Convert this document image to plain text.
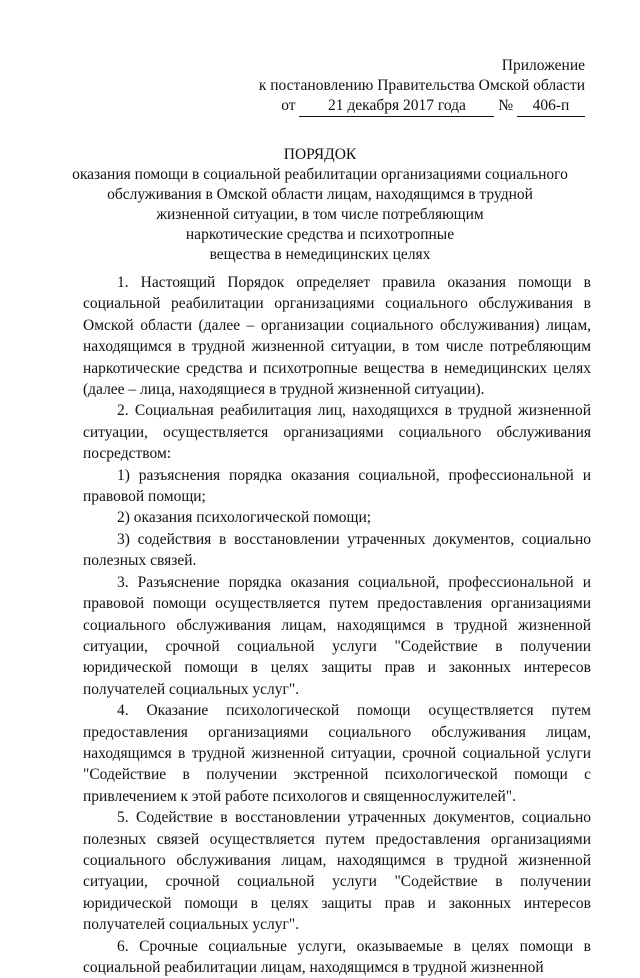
Приложение
к постановлению Правительства Омской области
от 21 декабря 2017 года № 406-п
ПОРЯДОК
оказания помощи в социальной реабилитации организациями социального
обслуживания в Омской области лицам, находящимся в трудной
жизненной ситуации, в том числе потребляющим
наркотические средства и психотропные
вещества в немедицинских целях

1. Настоящий Порядок определяет правила оказания помощи в социальной реабилитации организациями социального обслуживания в Омской области (далее – организации социального обслуживания) лицам, находящимся в трудной жизненной ситуации, в том числе потребляющим наркотические средства и психотропные вещества в немедицинских целях (далее – лица, находящиеся в трудной жизненной ситуации).

2. Социальная реабилитация лиц, находящихся в трудной жизненной ситуации, осуществляется организациями социального обслуживания посредством:

1) разъяснения порядка оказания социальной, профессиональной и правовой помощи;

2) оказания психологической помощи;

3) содействия в восстановлении утраченных документов, социально полезных связей.

3. Разъяснение порядка оказания социальной, профессиональной и правовой помощи осуществляется путем предоставления организациями социального обслуживания лицам, находящимся в трудной жизненной ситуации, срочной социальной услуги "Содействие в получении юридической помощи в целях защиты прав и законных интересов получателей социальных услуг".

4. Оказание психологической помощи осуществляется путем предоставления организациями социального обслуживания лицам, находящимся в трудной жизненной ситуации, срочной социальной услуги "Содействие в получении экстренной психологической помощи с привлечением к этой работе психологов и священнослужителей".

5. Содействие в восстановлении утраченных документов, социально полезных связей осуществляется путем предоставления организациями социального обслуживания лицам, находящимся в трудной жизненной ситуации, срочной социальной услуги "Содействие в получении юридической помощи в целях защиты прав и законных интересов получателей социальных услуг".

6. Срочные социальные услуги, оказываемые в целях помощи в социальной реабилитации лицам, находящимся в трудной жизненной
